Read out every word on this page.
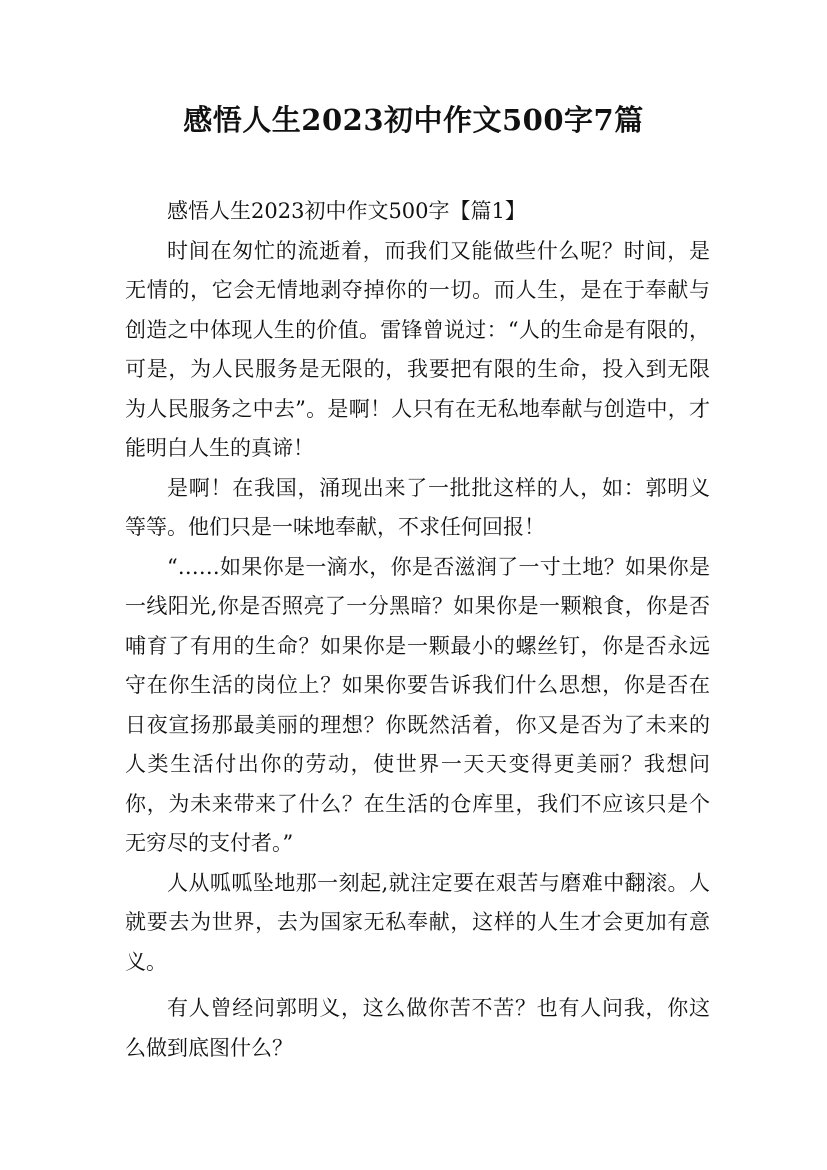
感悟人生2023初中作文500字7篇

感悟人生2023初中作文500字【篇1】

时间在匆忙的流逝着，而我们又能做些什么呢？时间，是无情的，它会无情地剥夺掉你的一切。而人生，是在于奉献与创造之中体现人生的价值。雷锋曾说过：“人的生命是有限的，可是，为人民服务是无限的，我要把有限的生命，投入到无限为人民服务之中去”。是啊！人只有在无私地奉献与创造中，才能明白人生的真谛！

是啊！在我国，涌现出来了一批批这样的人，如：郭明义等等。他们只是一味地奉献，不求任何回报！

“……如果你是一滴水，你是否滋润了一寸土地？如果你是一线阳光,你是否照亮了一分黑暗？如果你是一颗粮食，你是否哺育了有用的生命？如果你是一颗最小的螺丝钉，你是否永远守在你生活的岗位上？如果你要告诉我们什么思想，你是否在日夜宣扬那最美丽的理想？你既然活着，你又是否为了未来的人类生活付出你的劳动，使世界一天天变得更美丽？我想问你，为未来带来了什么？在生活的仓库里，我们不应该只是个无穷尽的支付者。”

人从呱呱坠地那一刻起,就注定要在艰苦与磨难中翻滚。人就要去为世界，去为国家无私奉献，这样的人生才会更加有意义。

有人曾经问郭明义，这么做你苦不苦？也有人问我，你这么做到底图什么？
